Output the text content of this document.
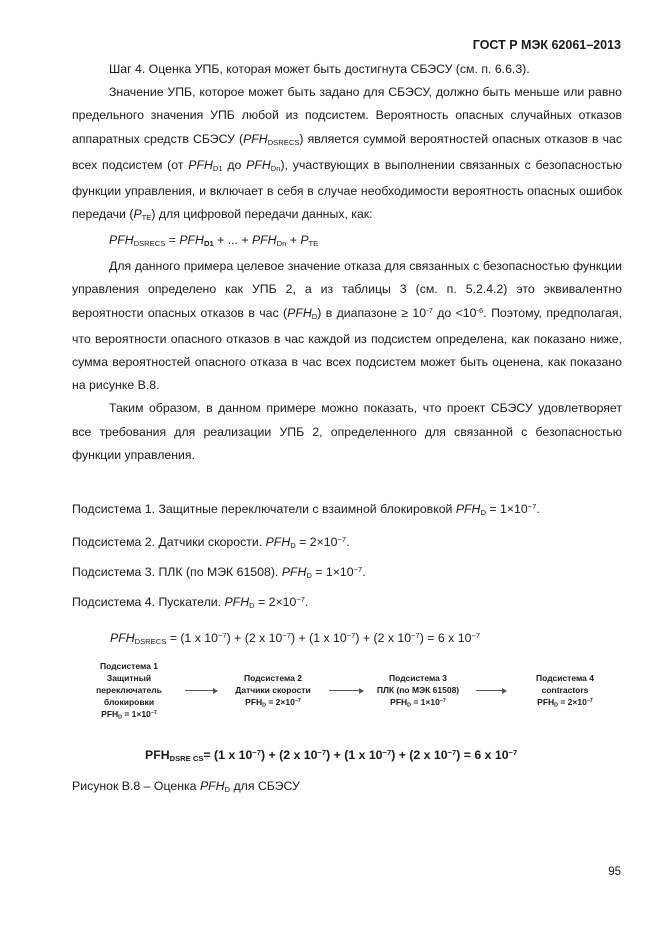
ГОСТ Р МЭК 62061–2013

Шаг 4. Оценка УПБ, которая может быть достигнута СБЭСУ (см. п. 6.6.3).

Значение УПБ, которое может быть задано для СБЭСУ, должно быть меньше или равно предельного значения УПБ любой из подсистем. Вероятность опасных случайных отказов аппаратных средств СБЭСУ $(PFH_{DSRECS})$ является суммой вероятностей опасных отказов в час всех подсистем (от $PFH_{D1}$ до $PFH_{Dn}$), участвующих в выполнении связанных с безопасностью функции управления, и включает в себя в случае необходимости вероятность опасных ошибок передачи $(P_{TE})$ для цифровой передачи данных, как:

$PFH_{DSRECS} = PFH_{D1}$ + ... + $PFH_{Dn} + P_{TE}$

Для данного примера целевое значение отказа для связанных с безопасностью функции управления определено как УПБ 2, а из таблицы 3 (см. п. 5.2.4.2) это эквивалентно вероятности опасных отказов в час $(PFH_D)$ в диапазоне ≥ $10^{-7}$ до $<10^{-6}$. Поэтому, предполагая, что вероятности опасного отказов в час каждой из подсистем определена, как показано ниже, сумма вероятностей опасного отказа в час всех подсистем может быть оценена, как показано на рисунке В.8.

Таким образом, в данном примере можно показать, что проект СБЭСУ удовлетворяет все требования для реализации УПБ 2, определенного для связанной с безопасностью функции управления.

Подсистема 1. Защитные переключатели с взаимной блокировкой $PFH_D = 1\times 10^{-7}$.
Подсистема 2. Датчики скорости. $PFH_D = 2\times 10^{-7}$.
Подсистема 3. ПЛК (по МЭК 61508). $PFH_D = 1\times 10^{-7}$.
Подсистема 4. Пускатели. $PFH_D = 2\times 10^{-7}$.
$PFH_{DSRECS} = (1$ x $10^{-7}) + (2$ x $10^{-7}) + (1$ x $10^{-7}) + (2$ x $10^{-7}) = 6$ x $10^{-7}$
Подсистема 1
Защитный
переключатель
блокировки
$PFH_D = 1\times 10^{-7}$
Подсистема 2
Датчики скорости
$PFH_D = 2\times 10^{-7}$
Подсистема 3
ПЛК (по МЭК 61508)
$PFH_D = 1\times 10^{-7}$
Подсистема 4
contractors
$PFH_D = 2\times 10^{-7}$
$PFH_{DSRE CS}= (1$ x $10^{-7}) + (2$ x $10^{-7}) + (1$ x $10^{-7}) + (2$ x $10^{-7}) = 6$ x $10^{-7}$
Рисунок В.8 – Оценка $PFH_D$ для СБЭСУ
95
